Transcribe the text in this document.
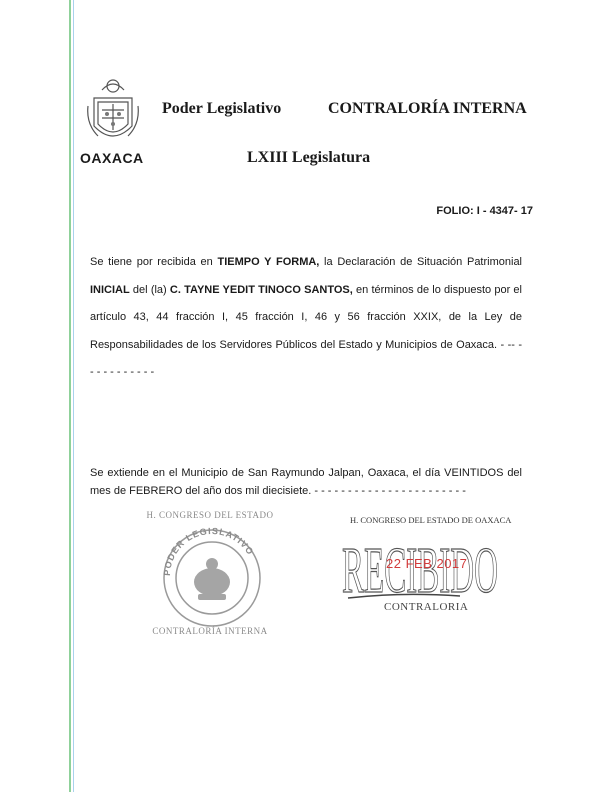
OAXACA
Poder Legislativo	CONTRALORÍA INTERNA
LXIII Legislatura
FOLIO: I - 4347- 17
Se tiene por recibida en TIEMPO Y FORMA, la Declaración de Situación Patrimonial INICIAL del (la) C. TAYNE YEDIT TINOCO SANTOS, en términos de lo dispuesto por el artículo 43, 44 fracción I, 45 fracción I, 46 y 56 fracción XXIX, de la Ley de Responsabilidades de los Servidores Públicos del Estado y Municipios de Oaxaca. - -- - - - - - - - - - - -
Se extiende en el Municipio de San Raymundo Jalpan, Oaxaca, el día VEINTIDOS del mes de FEBRERO del año dos mil diecisiete. - - - - - - - - - - - - - - - - - - - - - - -
H. CONGRESO DEL ESTADO
PODER LEGISLATIVO
CONTRALORÍA INTERNA
H. CONGRESO DEL ESTADO DE OAXACA
RECIBIDO
22 FEB 2017
CONTRALORIA
